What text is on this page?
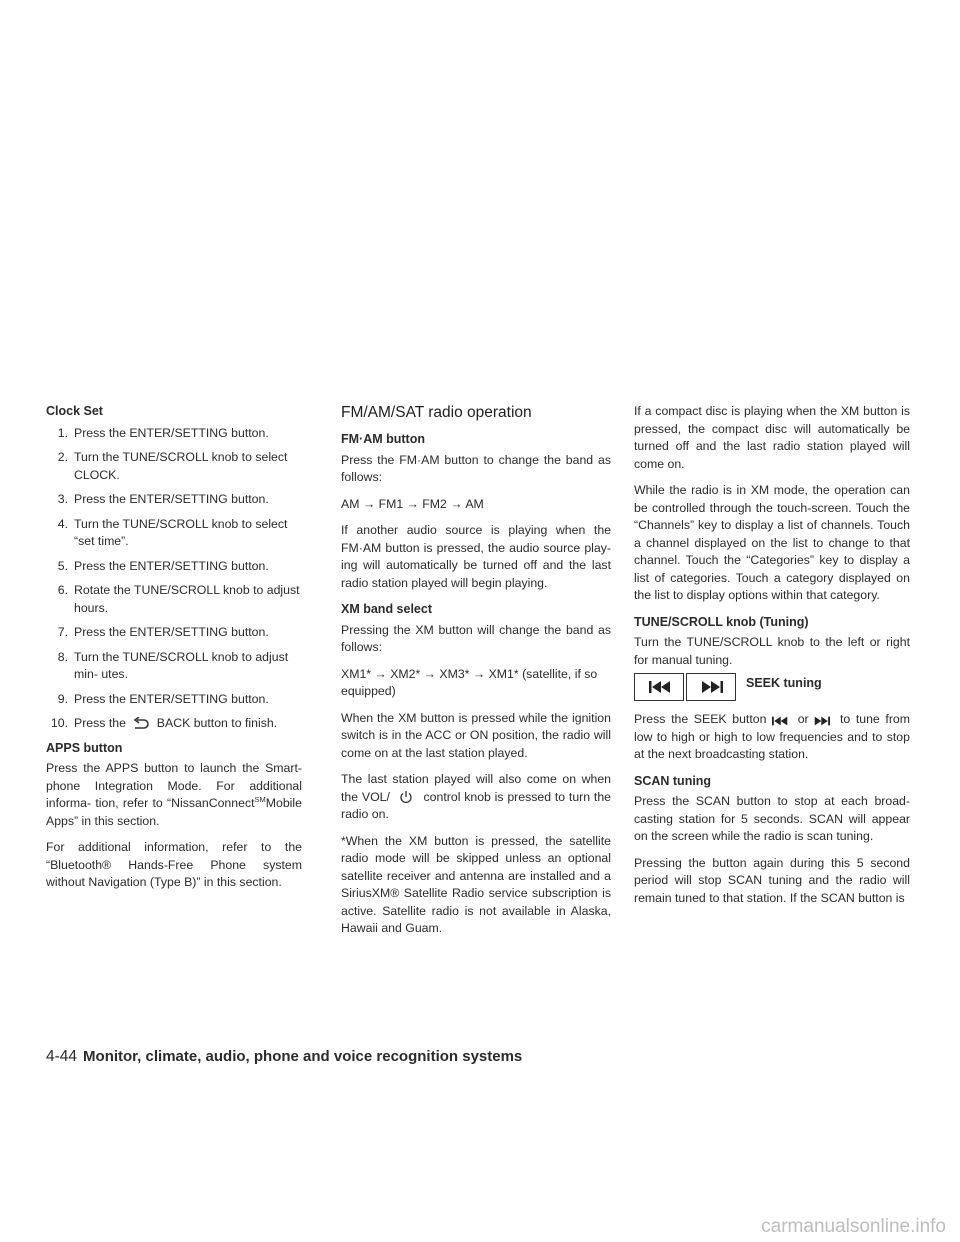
Clock Set
1. Press the ENTER/SETTING button.
2. Turn the TUNE/SCROLL knob to select CLOCK.
3. Press the ENTER/SETTING button.
4. Turn the TUNE/SCROLL knob to select “set time”.
5. Press the ENTER/SETTING button.
6. Rotate the TUNE/SCROLL knob to adjust hours.
7. Press the ENTER/SETTING button.
8. Turn the TUNE/SCROLL knob to adjust min- utes.
9. Press the ENTER/SETTING button.
10. Press the	BACK button to finish.
APPS button

Press the APPS button to launch the Smart- phone Integration Mode. For additional informa- tion, refer to “NissanConnect℠Mobile Apps” in this section.

For additional information, refer to the “Bluetooth® Hands-Free Phone system without Navigation (Type B)” in this section.

FM/AM/SAT radio operation
FM·AM button

Press the FM·AM button to change the band as follows:

AM → FM1 → FM2 → AM

If another audio source is playing when the FM·AM button is pressed, the audio source play- ing will automatically be turned off and the last radio station played will begin playing.

XM band select

Pressing the XM button will change the band as follows:

XM1* → XM2* → XM3* → XM1* (satellite, if so equipped)

When the XM button is pressed while the ignition switch is in the ACC or ON position, the radio will come on at the last station played.

The last station played will also come on when the VOL/	control knob is pressed to turn the radio on.

*When the XM button is pressed, the satellite radio mode will be skipped unless an optional satellite receiver and antenna are installed and a SiriusXM® Satellite Radio service subscription is active. Satellite radio is not available in Alaska, Hawaii and Guam.

If a compact disc is playing when the XM button is pressed, the compact disc will automatically be turned off and the last radio station played will come on.

While the radio is in XM mode, the operation can be controlled through the touch-screen. Touch the “Channels” key to display a list of channels. Touch a channel displayed on the list to change to that channel. Touch the “Categories” key to display a list of categories. Touch a category displayed on the list to display options within that category.

TUNE/SCROLL knob (Tuning)

Turn the TUNE/SCROLL knob to the left or right for manual tuning.

SEEK tuning

Press the SEEK button	or	to tune from low to high or high to low frequencies and to stop at the next broadcasting station.

SCAN tuning

Press the SCAN button to stop at each broad- casting station for 5 seconds. SCAN will appear on the screen while the radio is scan tuning.

Pressing the button again during this 5 second period will stop SCAN tuning and the radio will remain tuned to that station. If the SCAN button is

4-44 Monitor, climate, audio, phone and voice recognition systems
carmanualsonline.info
